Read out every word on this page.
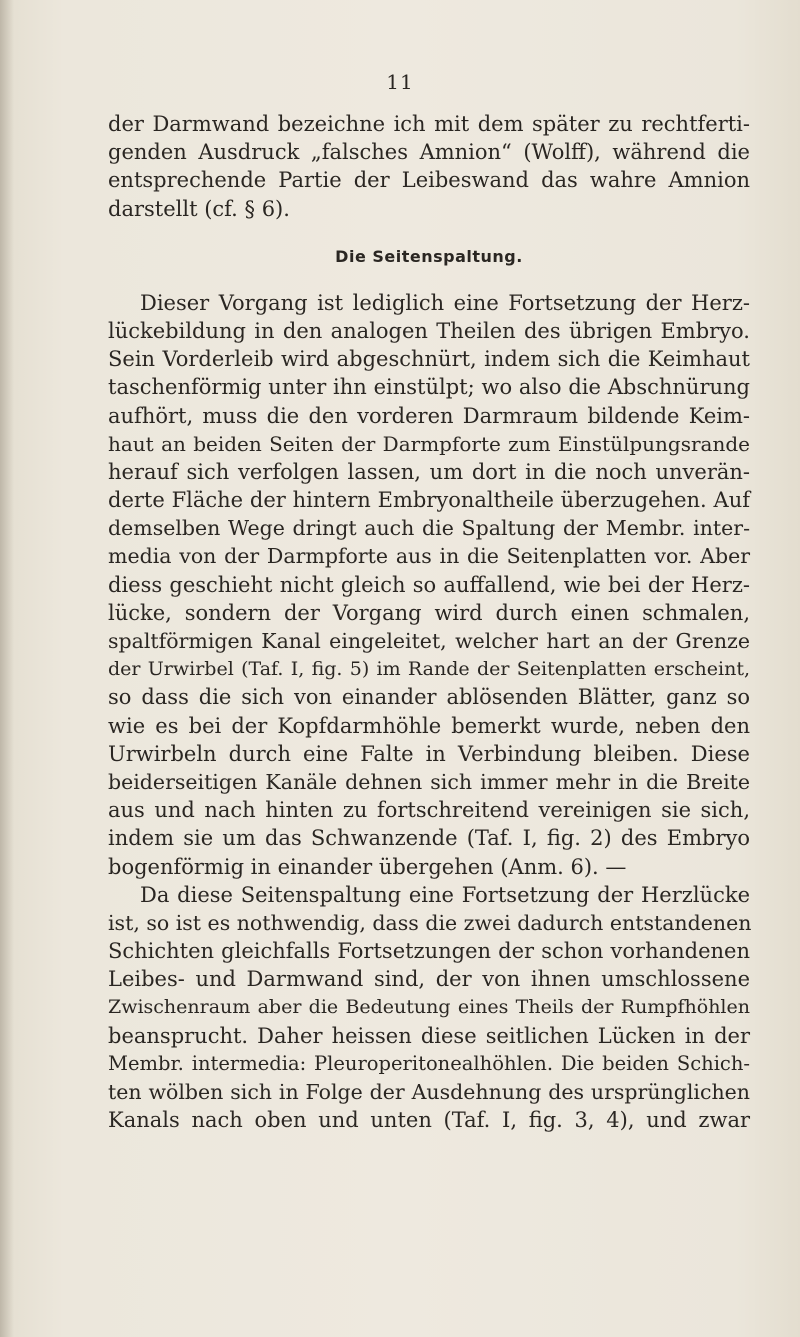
11
der Darmwand bezeichne ich mit dem später zu rechtferti-
genden Ausdruck „falsches Amnion“ (Wolff), während die
entsprechende Partie der Leibeswand das wahre Amnion
darstellt (cf. § 6).
Die Seitenspaltung.
Dieser Vorgang ist lediglich eine Fortsetzung der Herz-
lückebildung in den analogen Theilen des übrigen Embryo.
Sein Vorderleib wird abgeschnürt, indem sich die Keimhaut
taschenförmig unter ihn einstülpt; wo also die Abschnürung
aufhört, muss die den vorderen Darmraum bildende Keim-
haut an beiden Seiten der Darmpforte zum Einstülpungsrande
herauf sich verfolgen lassen, um dort in die noch unverän-
derte Fläche der hintern Embryonaltheile überzugehen. Auf
demselben Wege dringt auch die Spaltung der Membr. inter-
media von der Darmpforte aus in die Seitenplatten vor. Aber
diess geschieht nicht gleich so auffallend, wie bei der Herz-
lücke, sondern der Vorgang wird durch einen schmalen,
spaltförmigen Kanal eingeleitet, welcher hart an der Grenze
der Urwirbel (Taf. I, fig. 5) im Rande der Seitenplatten erscheint,
so dass die sich von einander ablösenden Blätter, ganz so
wie es bei der Kopfdarmhöhle bemerkt wurde, neben den
Urwirbeln durch eine Falte in Verbindung bleiben. Diese
beiderseitigen Kanäle dehnen sich immer mehr in die Breite
aus und nach hinten zu fortschreitend vereinigen sie sich,
indem sie um das Schwanzende (Taf. I, fig. 2) des Embryo
bogenförmig in einander übergehen (Anm. 6). —
Da diese Seitenspaltung eine Fortsetzung der Herzlücke
ist, so ist es nothwendig, dass die zwei dadurch entstandenen
Schichten gleichfalls Fortsetzungen der schon vorhandenen
Leibes- und Darmwand sind, der von ihnen umschlossene
Zwischenraum aber die Bedeutung eines Theils der Rumpfhöhlen
beansprucht. Daher heissen diese seitlichen Lücken in der
Membr. intermedia: Pleuroperitonealhöhlen. Die beiden Schich-
ten wölben sich in Folge der Ausdehnung des ursprünglichen
Kanals nach oben und unten (Taf. I, fig. 3, 4), und zwar
